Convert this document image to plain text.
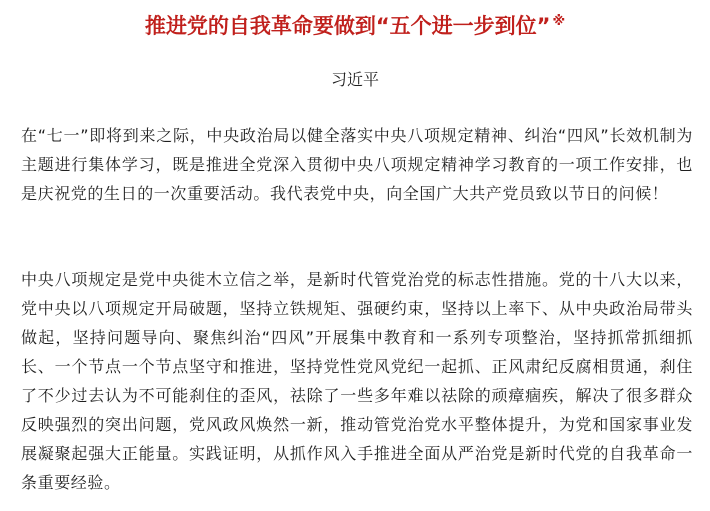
推进党的自我革命要做到“五个进一步到位” ※
习近平

在“七一”即将到来之际，中央政治局以健全落实中央八项规定精神、纠治“四风”长效机制为主题进行集体学习，既是推进全党深入贯彻中央八项规定精神学习教育的一项工作安排，也是庆祝党的生日的一次重要活动。我代表党中央，向全国广大共产党员致以节日的问候！

中央八项规定是党中央徙木立信之举，是新时代管党治党的标志性措施。党的十八大以来，党中央以八项规定开局破题，坚持立铁规矩、强硬约束，坚持以上率下、从中央政治局带头做起，坚持问题导向、聚焦纠治“四风”开展集中教育和一系列专项整治，坚持抓常抓细抓长、一个节点一个节点坚守和推进，坚持党性党风党纪一起抓、正风肃纪反腐相贯通，刹住了不少过去认为不可能刹住的歪风，祛除了一些多年难以祛除的顽瘴痼疾，解决了很多群众反映强烈的突出问题，党风政风焕然一新，推动管党治党水平整体提升，为党和国家事业发展凝聚起强大正能量。实践证明，从抓作风入手推进全面从严治党是新时代党的自我革命一条重要经验。
